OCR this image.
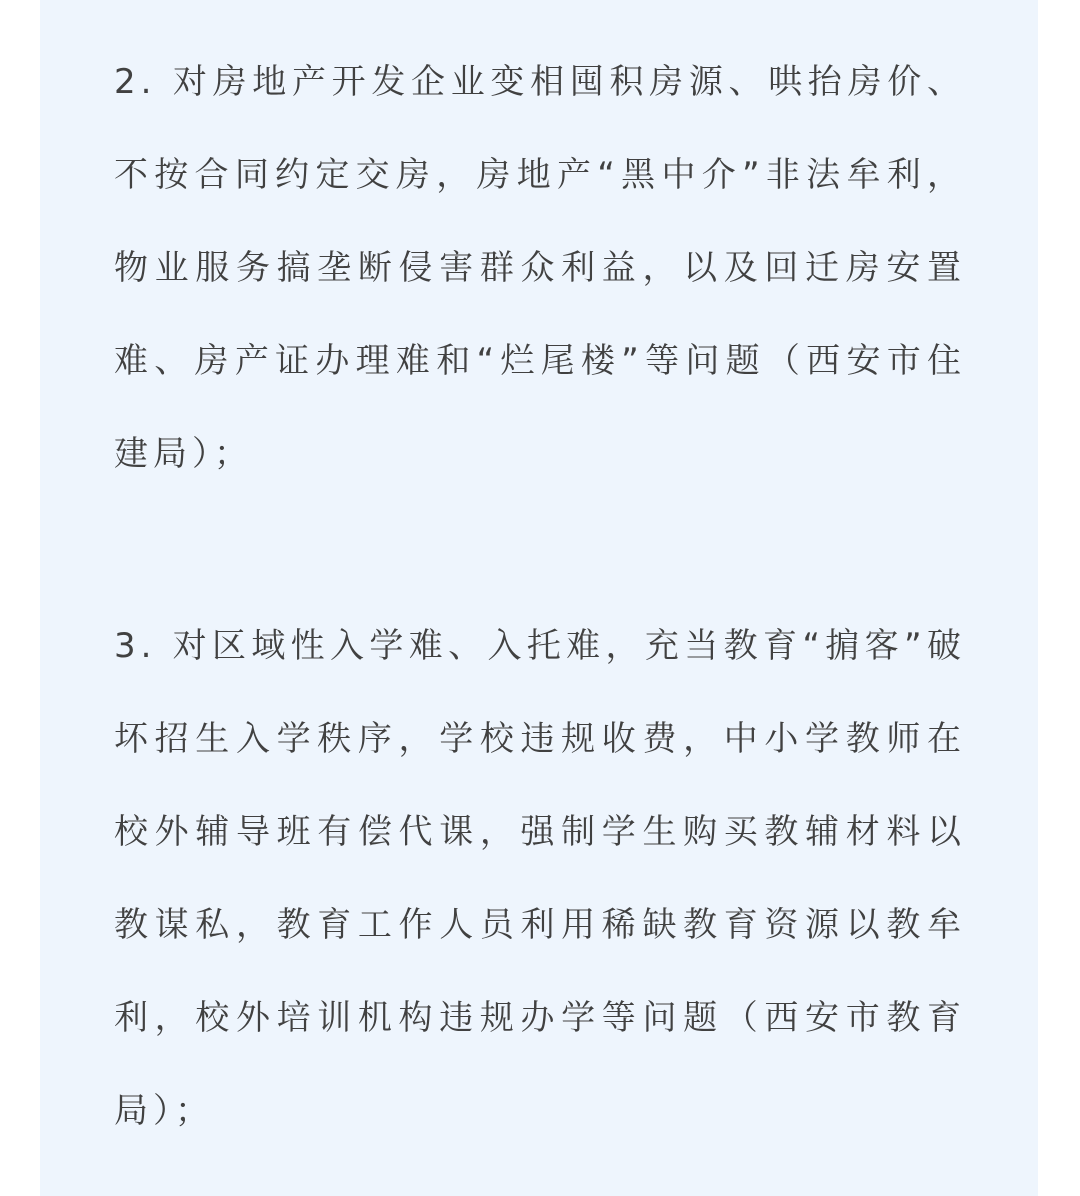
2. 对房地产开发企业变相囤积房源、哄抬房价、不按合同约定交房，房地产“黑中介”非法牟利，物业服务搞垄断侵害群众利益，以及回迁房安置难、房产证办理难和“烂尾楼”等问题（西安市住建局）；

3. 对区域性入学难、入托难，充当教育“掮客”破坏招生入学秩序，学校违规收费，中小学教师在校外辅导班有偿代课，强制学生购买教辅材料以教谋私，教育工作人员利用稀缺教育资源以教牟利，校外培训机构违规办学等问题（西安市教育局）；
